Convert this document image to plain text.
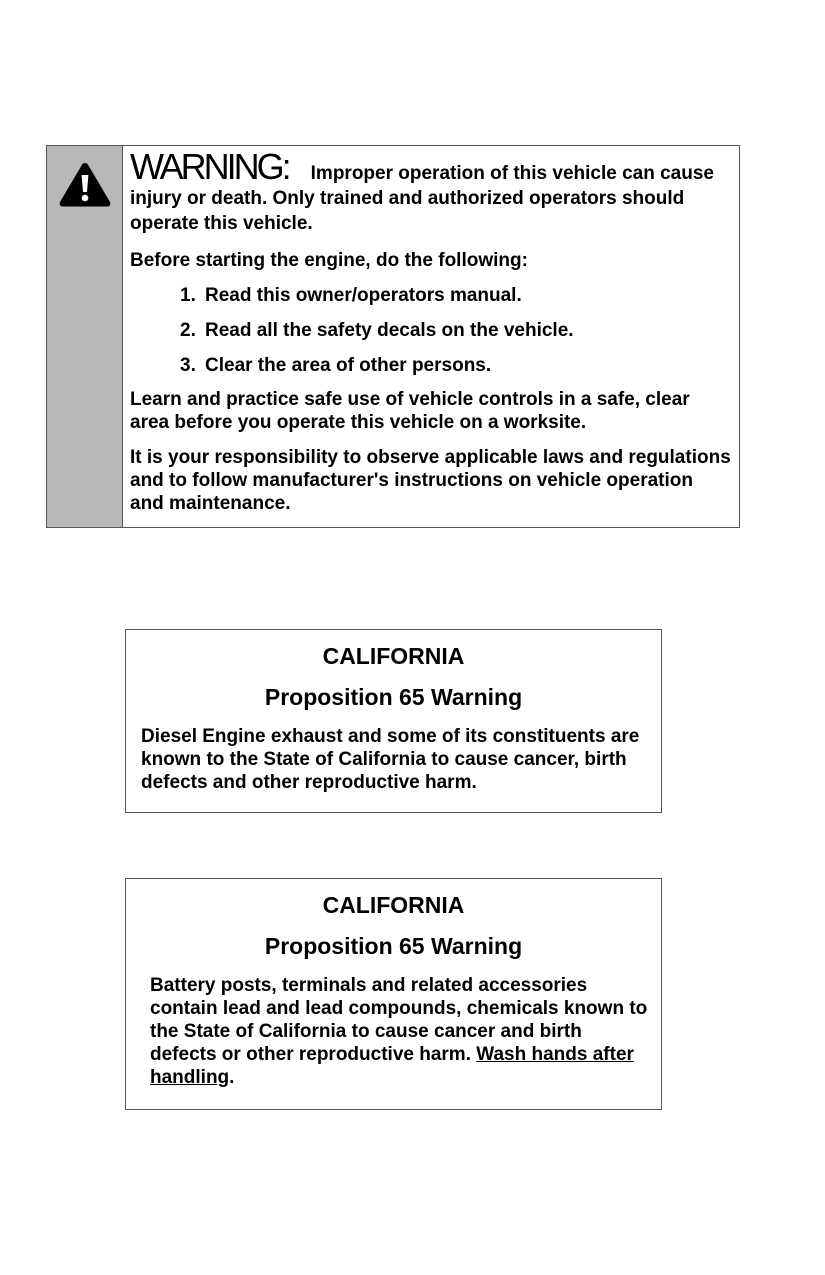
WARNING: Improper operation of this vehicle can cause injury or death. Only trained and authorized operators should operate this vehicle.

Before starting the engine, do the following:

1. Read this owner/operators manual.
2. Read all the safety decals on the vehicle.
3. Clear the area of other persons.

Learn and practice safe use of vehicle controls in a safe, clear area before you operate this vehicle on a worksite.

It is your responsibility to observe applicable laws and regulations and to follow manufacturer's instructions on vehicle operation and maintenance.

CALIFORNIA
Proposition 65 Warning
Diesel Engine exhaust and some of its constituents are known to the State of California to cause cancer, birth defects and other reproductive harm.
CALIFORNIA
Proposition 65 Warning
Battery posts, terminals and related accessories contain lead and lead compounds, chemicals known to the State of California to cause cancer and birth defects or other reproductive harm. Wash hands after handling.
